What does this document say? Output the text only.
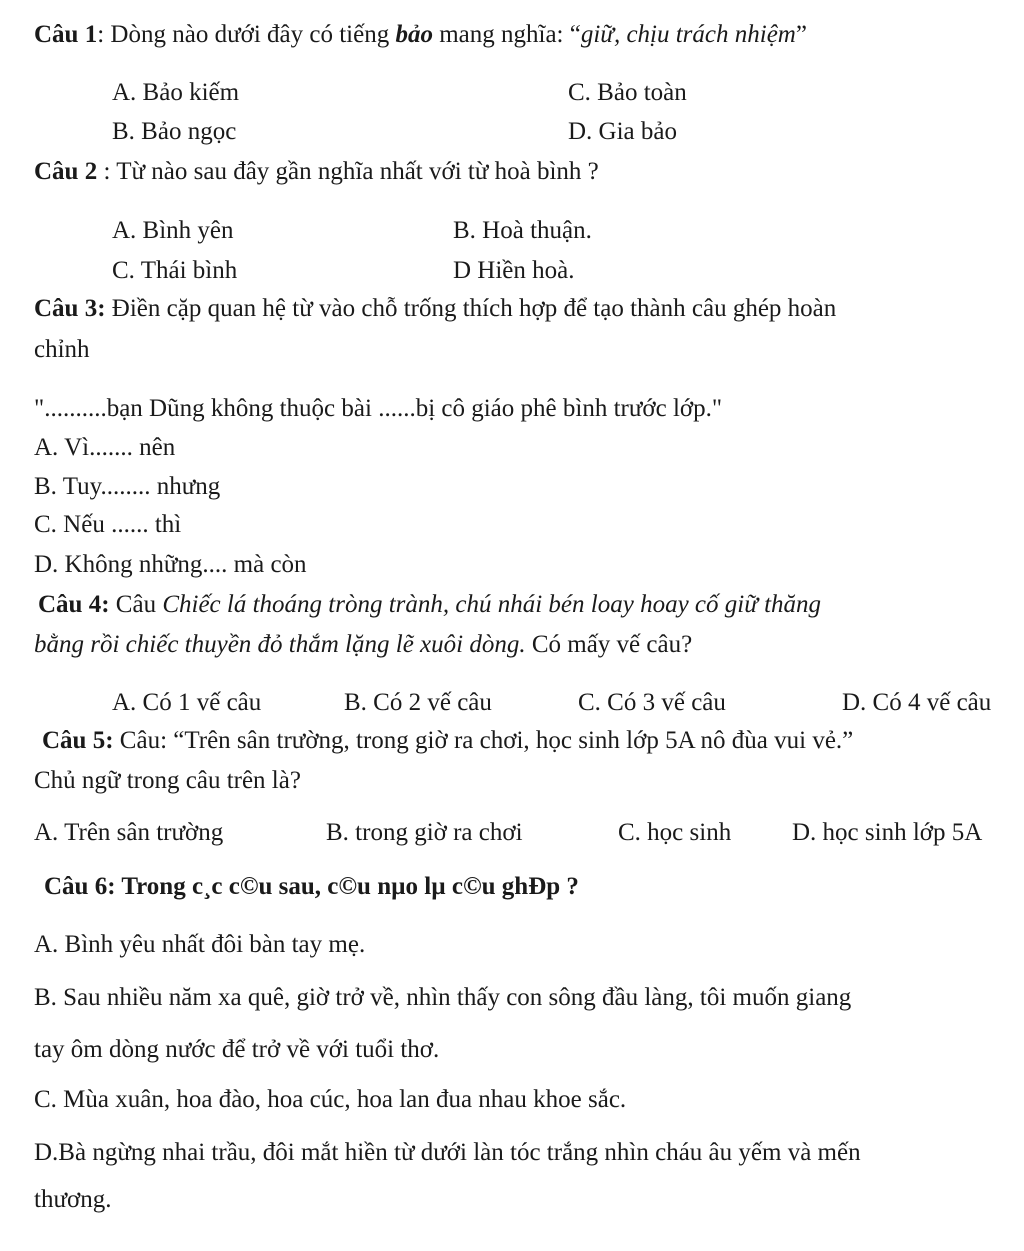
Câu 1: Dòng nào dưới đây có tiếng bảo mang nghĩa: “giữ, chịu trách nhiệm”
A. Bảo kiếm	C. Bảo toàn
B. Bảo ngọc	D. Gia bảo
Câu 2 : Từ nào sau đây gần nghĩa nhất với từ hoà bình ?
A. Bình yên	B. Hoà thuận.
C. Thái bình	D Hiền hoà.
Câu 3: Điền cặp quan hệ từ vào chỗ trống thích hợp để tạo thành câu ghép hoàn
chỉnh
"..........bạn Dũng không thuộc bài ......bị cô giáo phê bình trước lớp."
A. Vì....... nên
B. Tuy........ nhưng
C. Nếu ...... thì
D. Không những.... mà còn
Câu 4: Câu Chiếc lá thoáng tròng trành, chú nhái bén loay hoay cố giữ thăng
bằng rồi chiếc thuyền đỏ thắm lặng lẽ xuôi dòng. Có mấy vế câu?
A. Có 1 vế câu	B. Có 2 vế câu	C. Có 3 vế câu	D. Có 4 vế câu
Câu 5: Câu: “Trên sân trường, trong giờ ra chơi, học sinh lớp 5A nô đùa vui vẻ.”
Chủ ngữ trong câu trên là?
A. Trên sân trường	B. trong giờ ra chơi	C. học sinh D. học sinh lớp 5A
Câu 6: Trong c¸c c©u sau, c©u nµo lµ c©u ghÐp ?
A. Bình yêu nhất đôi bàn tay mẹ.
B. Sau nhiều năm xa quê, giờ trở về, nhìn thấy con sông đầu làng, tôi muốn giang
tay ôm dòng nước để trở về với tuổi thơ.
C. Mùa xuân, hoa đào, hoa cúc, hoa lan đua nhau khoe sắc.
D.Bà ngừng nhai trầu, đôi mắt hiền từ dưới làn tóc trắng nhìn cháu âu yếm và mến
thương.
